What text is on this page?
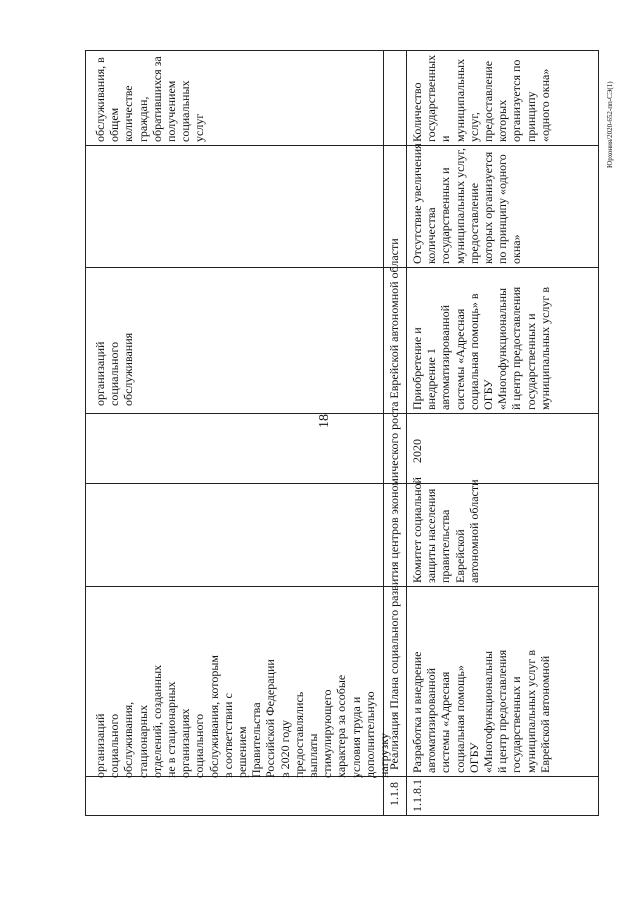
18
организаций
социального
обслуживания,
стационарных
отделений, созданных
не в стационарных
организациях
социального
обслуживания, которым
в соответствии с
решением
Правительства
Российской Федерации
в 2020 году
предоставлялись
выплаты
стимулирующего
характера за особые
условия труда и
дополнительную
нагрузку
организаций
социального
обслуживания
обслуживания, в
общем
количестве
граждан,
обратившихся за
получением
социальных
услуг
1.1.8
Реализация Плана социального развития центров экономического роста Еврейской автономной области
1.1.8.1
Разработка и внедрение
автоматизированной
системы «Адресная
социальная помощь»
ОГБУ
«Многофункциональны
й центр предоставления
государственных и
муниципальных услуг в
Еврейской автономной
Комитет социальной
защиты населения
правительства
Еврейской
автономной области
2020
Приобретение и
внедрение 1
автоматизированной
системы «Адресная
социальная помощь» в
ОГБУ
«Многофункциональны
й центр предоставления
государственных и
муниципальных услуг в
Отсутствие увеличения
количества
государственных и
муниципальных услуг,
предоставление
которых организуется
по принципу «одного
окна»
Количество
государственных
и
муниципальных
услуг,
предоставление
которых
организуется по
принципу
«одного окна»	Юрхония/2020-652-пп-СЭ(1)
